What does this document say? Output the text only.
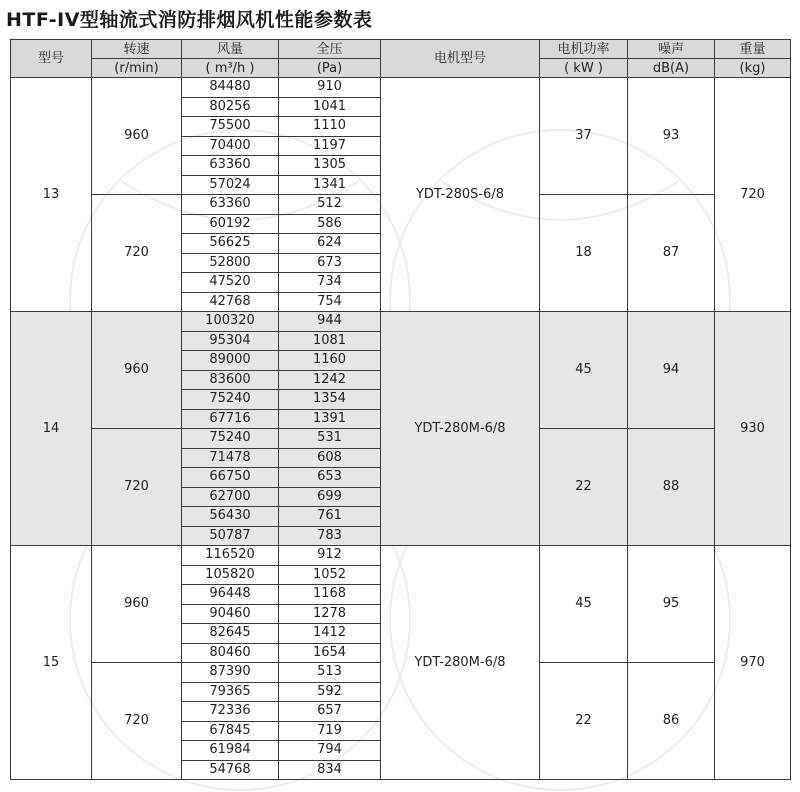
HTF-IV型轴流式消防排烟风机性能参数表
型号	转速	风量	全压	电机型号	电机功率	噪声	重量
	(r/min)	( m³/h )	(Pa)		( kW )	dB(A)	(kg)
13	960	84480	910	YDT-280S-6/8	37	93	720
		80256	1041				
		75500	1110				
		70400	1197				
		63360	1305				
		57024	1341				
	720	63360	512		18	87	
		60192	586				
		56625	624				
		52800	673				
		47520	734				
		42768	754				
14	960	100320	944	YDT-280M-6/8	45	94	930
		95304	1081				
		89000	1160				
		83600	1242				
		75240	1354				
		67716	1391				
	720	75240	531		22	88	
		71478	608				
		66750	653				
		62700	699				
		56430	761				
		50787	783				
15	960	116520	912	YDT-280M-6/8	45	95	970
		105820	1052				
		96448	1168				
		90460	1278				
		82645	1412				
		80460	1654				
	720	87390	513		22	86	
		79365	592				
		72336	657				
		67845	719				
		61984	794				
		54768	834				
